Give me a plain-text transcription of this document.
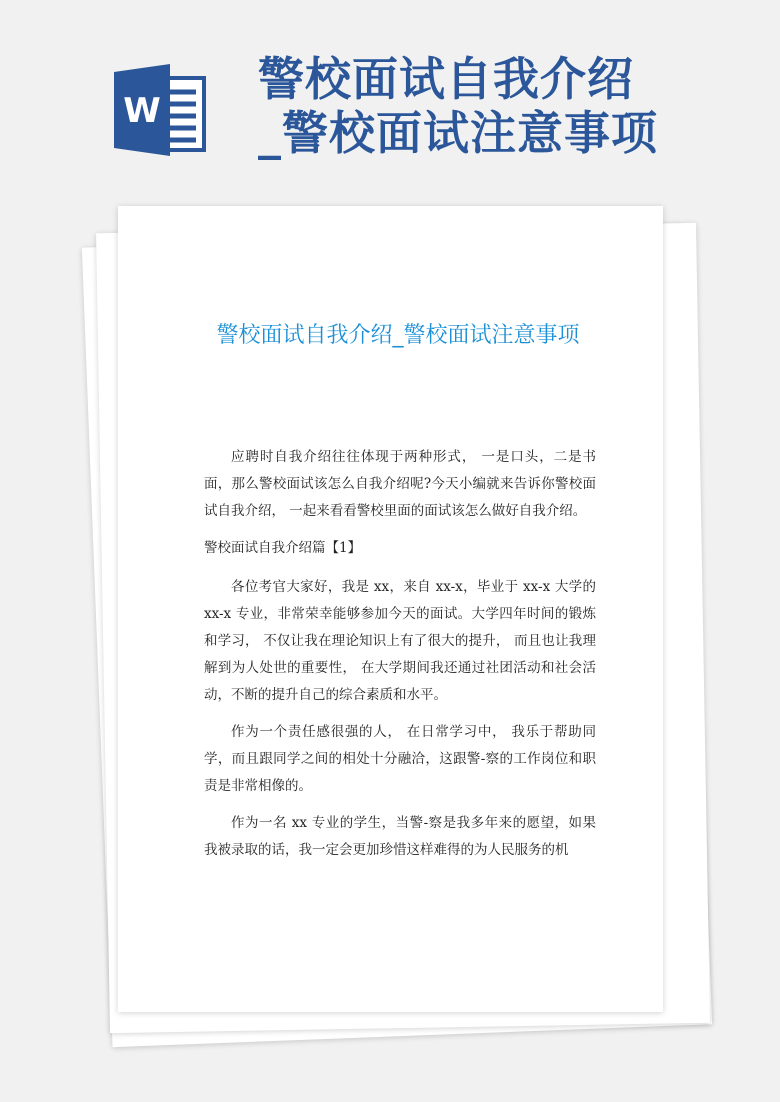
W
警校面试自我介绍
_警校面试注意事项
警校面试自我介绍_警校面试注意事项

应聘时自我介绍往往体现于两种形式， 一是口头，二是书面，那么警校面试该怎么自我介绍呢?今天小编就来告诉你警校面试自我介绍， 一起来看看警校里面的面试该怎么做好自我介绍。

警校面试自我介绍篇【1】

各位考官大家好，我是 xx，来自 xx-x，毕业于 xx-x 大学的 xx-x 专业，非常荣幸能够参加今天的面试。大学四年时间的锻炼和学习， 不仅让我在理论知识上有了很大的提升， 而且也让我理解到为人处世的重要性， 在大学期间我还通过社团活动和社会活动，不断的提升自己的综合素质和水平。

作为一个责任感很强的人， 在日常学习中， 我乐于帮助同学，而且跟同学之间的相处十分融洽，这跟警-察的工作岗位和职责是非常相像的。

作为一名 xx 专业的学生，当警-察是我多年来的愿望，如果我被录取的话，我一定会更加珍惜这样难得的为人民服务的机
